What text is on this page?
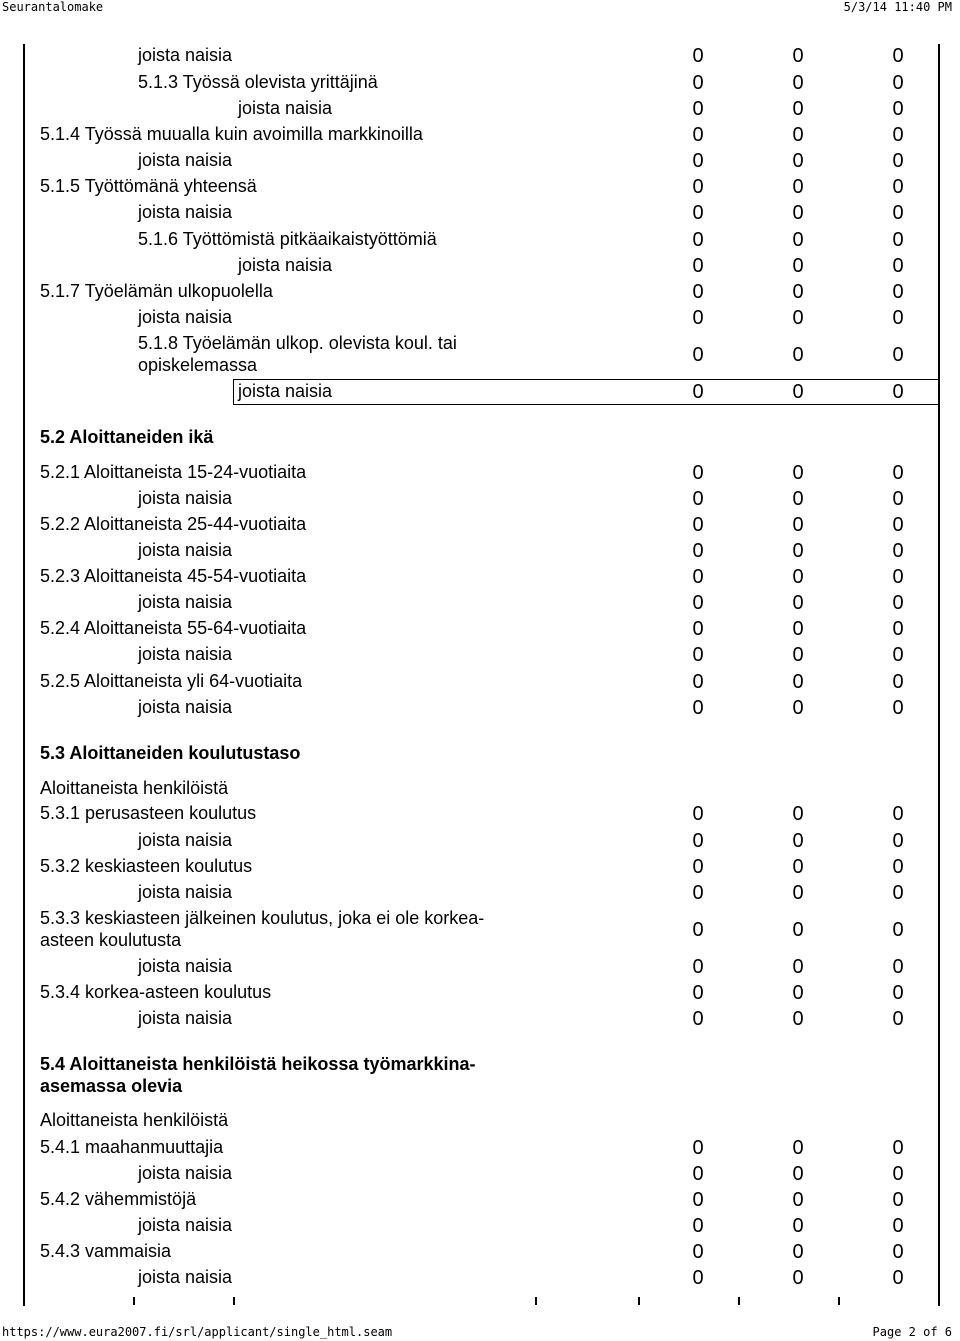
Seurantalomake	5/3/14 11:40 PM
joista naisia	0	0	0
5.1.3 Työssä olevista yrittäjinä	0	0	0
joista naisia	0	0	0
5.1.4 Työssä muualla kuin avoimilla markkinoilla	0	0	0
joista naisia	0	0	0
5.1.5 Työttömänä yhteensä	0	0	0
joista naisia	0	0	0
5.1.6 Työttömistä pitkäaikaistyöttömiä	0	0	0
joista naisia	0	0	0
5.1.7 Työelämän ulkopuolella	0	0	0
joista naisia	0	0	0
5.1.8 Työelämän ulkop. olevista koul. tai opiskelemassa	0	0	0
joista naisia	0	0	0
5.2 Aloittaneiden ikä
5.2.1 Aloittaneista 15-24-vuotiaita	0	0	0
joista naisia	0	0	0
5.2.2 Aloittaneista 25-44-vuotiaita	0	0	0
joista naisia	0	0	0
5.2.3 Aloittaneista 45-54-vuotiaita	0	0	0
joista naisia	0	0	0
5.2.4 Aloittaneista 55-64-vuotiaita	0	0	0
joista naisia	0	0	0
5.2.5 Aloittaneista yli 64-vuotiaita	0	0	0
joista naisia	0	0	0
5.3 Aloittaneiden koulutustaso
Aloittaneista henkilöistä
5.3.1 perusasteen koulutus	0	0	0
joista naisia	0	0	0
5.3.2 keskiasteen koulutus	0	0	0
joista naisia	0	0	0
5.3.3 keskiasteen jälkeinen koulutus, joka ei ole korkea-asteen koulutusta	0	0	0
joista naisia	0	0	0
5.3.4 korkea-asteen koulutus	0	0	0
joista naisia	0	0	0
5.4 Aloittaneista henkilöistä heikossa työmarkkina-asemassa olevia
Aloittaneista henkilöistä
5.4.1 maahanmuuttajia	0	0	0
joista naisia	0	0	0
5.4.2 vähemmistöjä	0	0	0
joista naisia	0	0	0
5.4.3 vammaisia	0	0	0
joista naisia	0	0	0
https://www.eura2007.fi/srl/applicant/single_html.seam	Page 2 of 6
